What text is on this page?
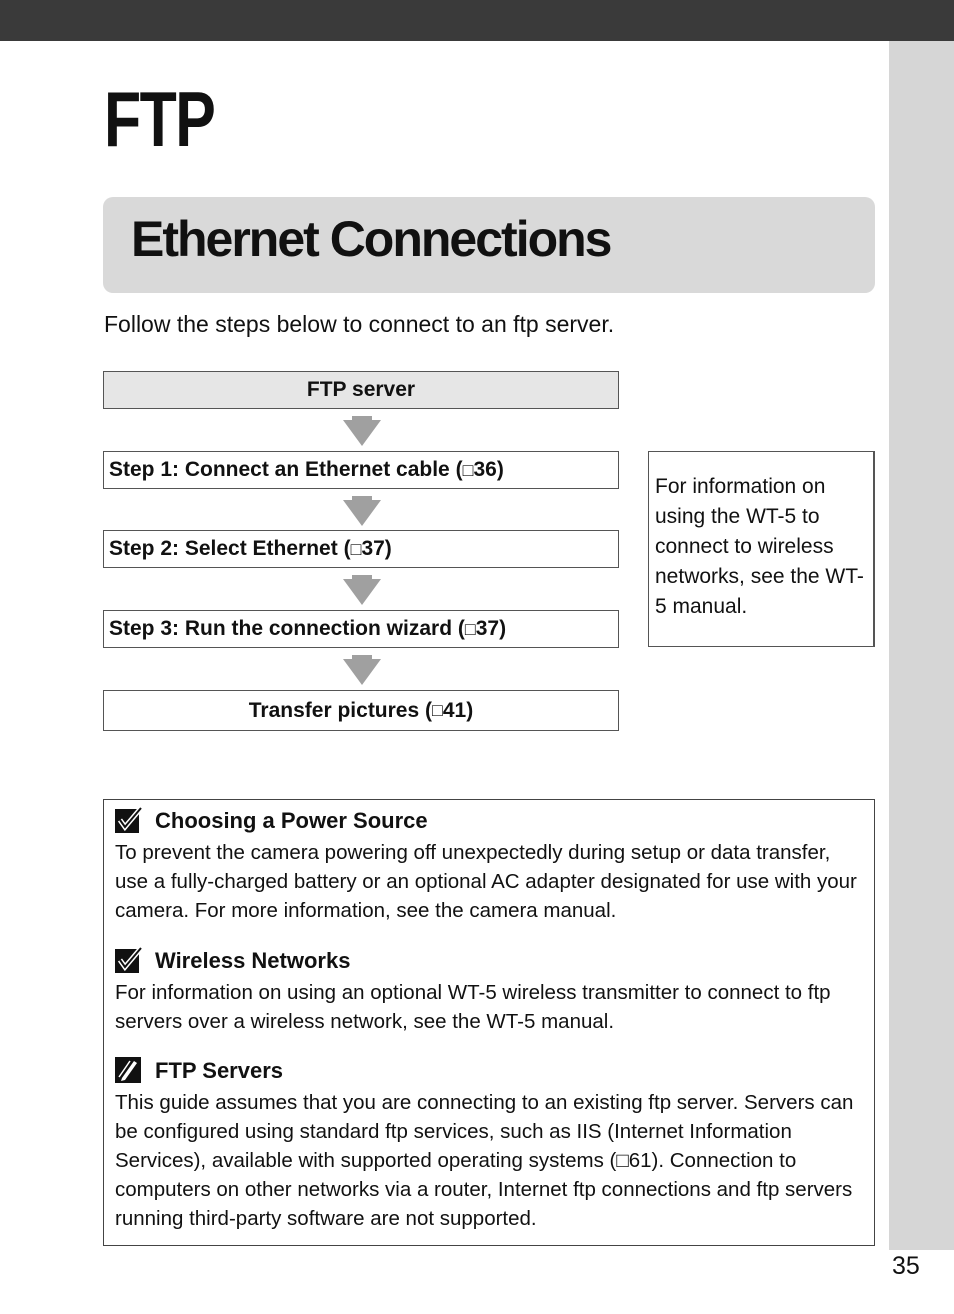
FTP
Ethernet Connections
Follow the steps below to connect to an ftp server.
FTP server
Step 1: Connect an Ethernet cable ( □ 36 )
Step 2: Select Ethernet ( □ 37 )
Step 3: Run the connection wizard ( □ 37 )
Transfer pictures ( □ 41 )
For information on using the WT-5 to connect to wireless networks, see the WT-5 manual.
Choosing a Power Source
To prevent the camera powering off unexpectedly during setup or data transfer, use a fully-charged battery or an optional AC adapter designated for use with your camera. For more information, see the camera manual.
Wireless Networks
For information on using an optional WT-5 wireless transmitter to connect to ftp servers over a wireless network, see the WT-5 manual.
FTP Servers
This guide assumes that you are connecting to an existing ftp server. Servers can be configured using standard ftp services, such as IIS (Internet Information Services), available with supported operating systems (□61). Connection to computers on other networks via a router, Internet ftp connections and ftp servers running third-party software are not supported.
35
